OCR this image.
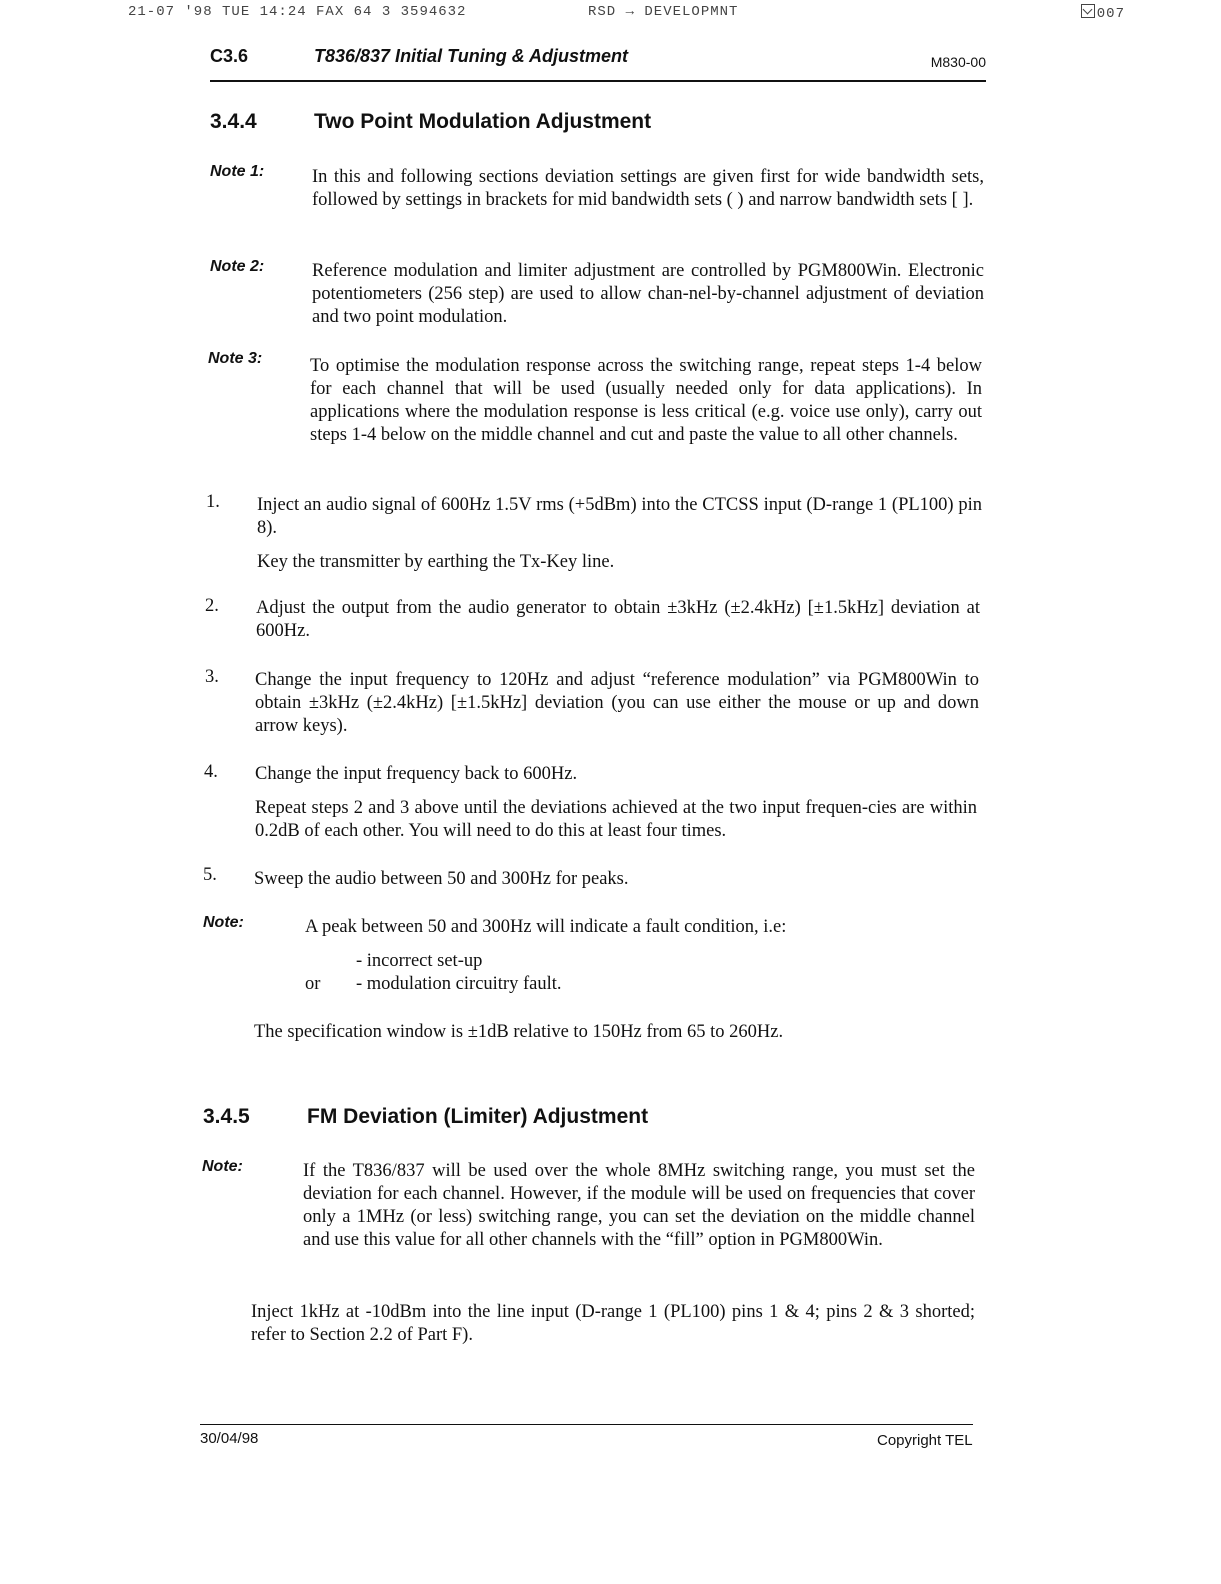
21-07 '98 TUE 14:24 FAX 64 3 3594632	RSD → DEVELOPMNT	007
C3.6	T836/837 Initial Tuning & Adjustment	M830-00
3.4.4	Two Point Modulation Adjustment
Note 1:	In this and following sections deviation settings are given first for wide bandwidth sets, followed by settings in brackets for mid bandwidth sets ( ) and narrow bandwidth sets [ ].
Note 2:	Reference modulation and limiter adjustment are controlled by PGM800Win. Electronic potentiometers (256 step) are used to allow chan-nel-by-channel adjustment of deviation and two point modulation.
Note 3:	To optimise the modulation response across the switching range, repeat steps 1-4 below for each channel that will be used (usually needed only for data applications). In applications where the modulation response is less critical (e.g. voice use only), carry out steps 1-4 below on the middle channel and cut and paste the value to all other channels.
1. Inject an audio signal of 600Hz 1.5V rms (+5dBm) into the CTCSS input (D-range 1 (PL100) pin 8).
Key the transmitter by earthing the Tx-Key line.
2. Adjust the output from the audio generator to obtain ±3kHz (±2.4kHz) [±1.5kHz] deviation at 600Hz.
3. Change the input frequency to 120Hz and adjust “reference modulation” via PGM800Win to obtain ±3kHz (±2.4kHz) [±1.5kHz] deviation (you can use either the mouse or up and down arrow keys).
4. Change the input frequency back to 600Hz.
Repeat steps 2 and 3 above until the deviations achieved at the two input frequen-cies are within 0.2dB of each other. You will need to do this at least four times.
5. Sweep the audio between 50 and 300Hz for peaks.
Note:	A peak between 50 and 300Hz will indicate a fault condition, i.e:
- incorrect set-up
or	- modulation circuitry fault.
The specification window is ±1dB relative to 150Hz from 65 to 260Hz.
3.4.5	FM Deviation (Limiter) Adjustment
Note:	If the T836/837 will be used over the whole 8MHz switching range, you must set the deviation for each channel. However, if the module will be used on frequencies that cover only a 1MHz (or less) switching range, you can set the deviation on the middle channel and use this value for all other channels with the “fill” option in PGM800Win.
Inject 1kHz at -10dBm into the line input (D-range 1 (PL100) pins 1 & 4; pins 2 & 3 shorted; refer to Section 2.2 of Part F).
30/04/98	Copyright TEL
